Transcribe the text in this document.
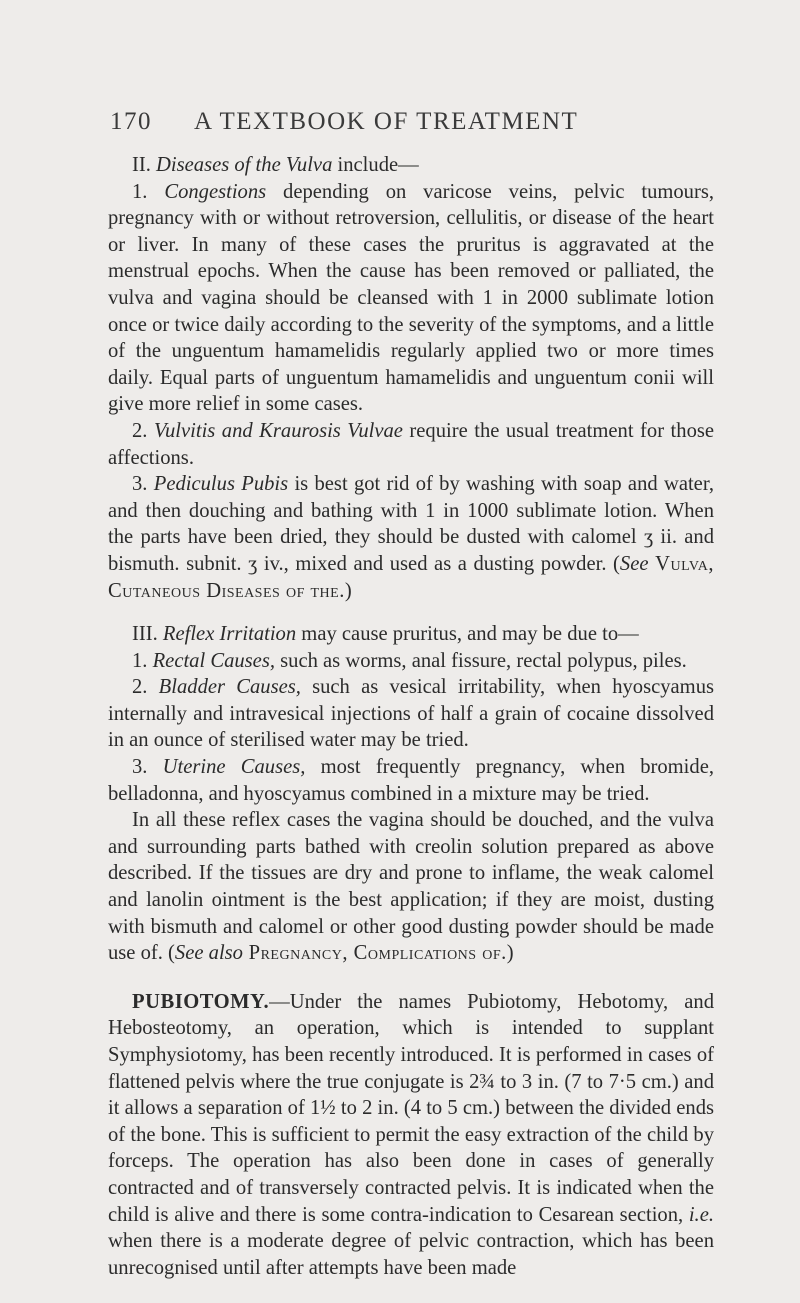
170 A TEXTBOOK OF TREATMENT

II. Diseases of the Vulva include—

1. Congestions depending on varicose veins, pelvic tumours, pregnancy with or without retroversion, cellulitis, or disease of the heart or liver. In many of these cases the pruritus is aggravated at the menstrual epochs. When the cause has been removed or palliated, the vulva and vagina should be cleansed with 1 in 2000 sublimate lotion once or twice daily according to the severity of the symptoms, and a little of the unguentum hamamelidis regularly applied two or more times daily. Equal parts of unguentum hamamelidis and unguentum conii will give more relief in some cases.

2. Vulvitis and Kraurosis Vulvae require the usual treatment for those affections.

3. Pediculus Pubis is best got rid of by washing with soap and water, and then douching and bathing with 1 in 1000 sublimate lotion. When the parts have been dried, they should be dusted with calomel ʒ ii. and bismuth. subnit. ʒ iv., mixed and used as a dusting powder. (See Vulva, Cutaneous Diseases of the.)

III. Reflex Irritation may cause pruritus, and may be due to—

1. Rectal Causes, such as worms, anal fissure, rectal polypus, piles.

2. Bladder Causes, such as vesical irritability, when hyoscyamus internally and intravesical injections of half a grain of cocaine dissolved in an ounce of sterilised water may be tried.

3. Uterine Causes, most frequently pregnancy, when bromide, belladonna, and hyoscyamus combined in a mixture may be tried.

In all these reflex cases the vagina should be douched, and the vulva and surrounding parts bathed with creolin solution prepared as above described. If the tissues are dry and prone to inflame, the weak calomel and lanolin ointment is the best application; if they are moist, dusting with bismuth and calomel or other good dusting powder should be made use of. (See also Pregnancy, Complications of.)

PUBIOTOMY.—Under the names Pubiotomy, Hebotomy, and Hebosteotomy, an operation, which is intended to supplant Symphysiotomy, has been recently introduced. It is performed in cases of flattened pelvis where the true conjugate is 2¾ to 3 in. (7 to 7·5 cm.) and it allows a separation of 1½ to 2 in. (4 to 5 cm.) between the divided ends of the bone. This is sufficient to permit the easy extraction of the child by forceps. The operation has also been done in cases of generally contracted and of transversely contracted pelvis. It is indicated when the child is alive and there is some contra-indication to Cesarean section, i.e. when there is a moderate degree of pelvic contraction, which has been unrecognised until after attempts have been made
